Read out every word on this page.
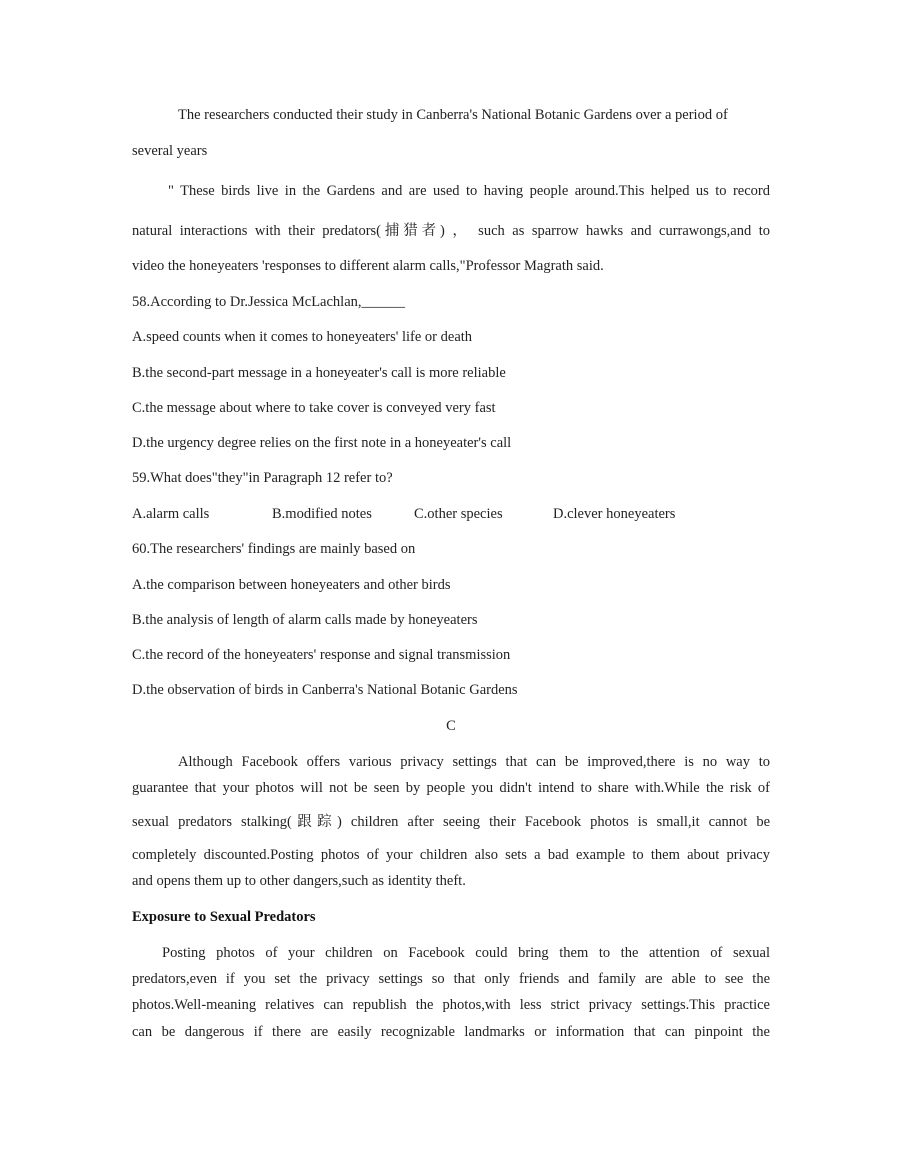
The researchers conducted their study in Canberra's National Botanic Gardens over a period of
several years
" These birds live in the Gardens and are used to having people around.This helped us to record
natural interactions with their predators(捕猎者) ， such as sparrow hawks and currawongs,and to
video the honeyeaters 'responses to different alarm calls,"Professor Magrath said.
58.According to Dr.Jessica McLachlan,______
A.speed counts when it comes to honeyeaters' life or death
B.the second-part message in a honeyeater's call is more reliable
C.the message about where to take cover is conveyed very fast
D.the urgency degree relies on the first note in a honeyeater's call
59.What does"they"in Paragraph 12 refer to?
A.alarm calls	B.modified notes	C.other species	D.clever honeyeaters
60.The researchers' findings are mainly based on
A.the comparison between honeyeaters and other birds
B.the analysis of length of alarm calls made by honeyeaters
C.the record of the honeyeaters' response and signal transmission
D.the observation of birds in Canberra's National Botanic Gardens
C
Although Facebook offers various privacy settings that can be improved,there is no way to
guarantee that your photos will not be seen by people you didn't intend to share with.While the risk of
sexual predators stalking(跟踪) children after seeing their Facebook photos is small,it cannot be
completely discounted.Posting photos of your children also sets a bad example to them about privacy
and opens them up to other dangers,such as identity theft.
Exposure to Sexual Predators
Posting photos of your children on Facebook could bring them to the attention of sexual
predators,even if you set the privacy settings so that only friends and family are able to see the
photos.Well-meaning relatives can republish the photos,with less strict privacy settings.This practice
can be dangerous if there are easily recognizable landmarks or information that can pinpoint the
